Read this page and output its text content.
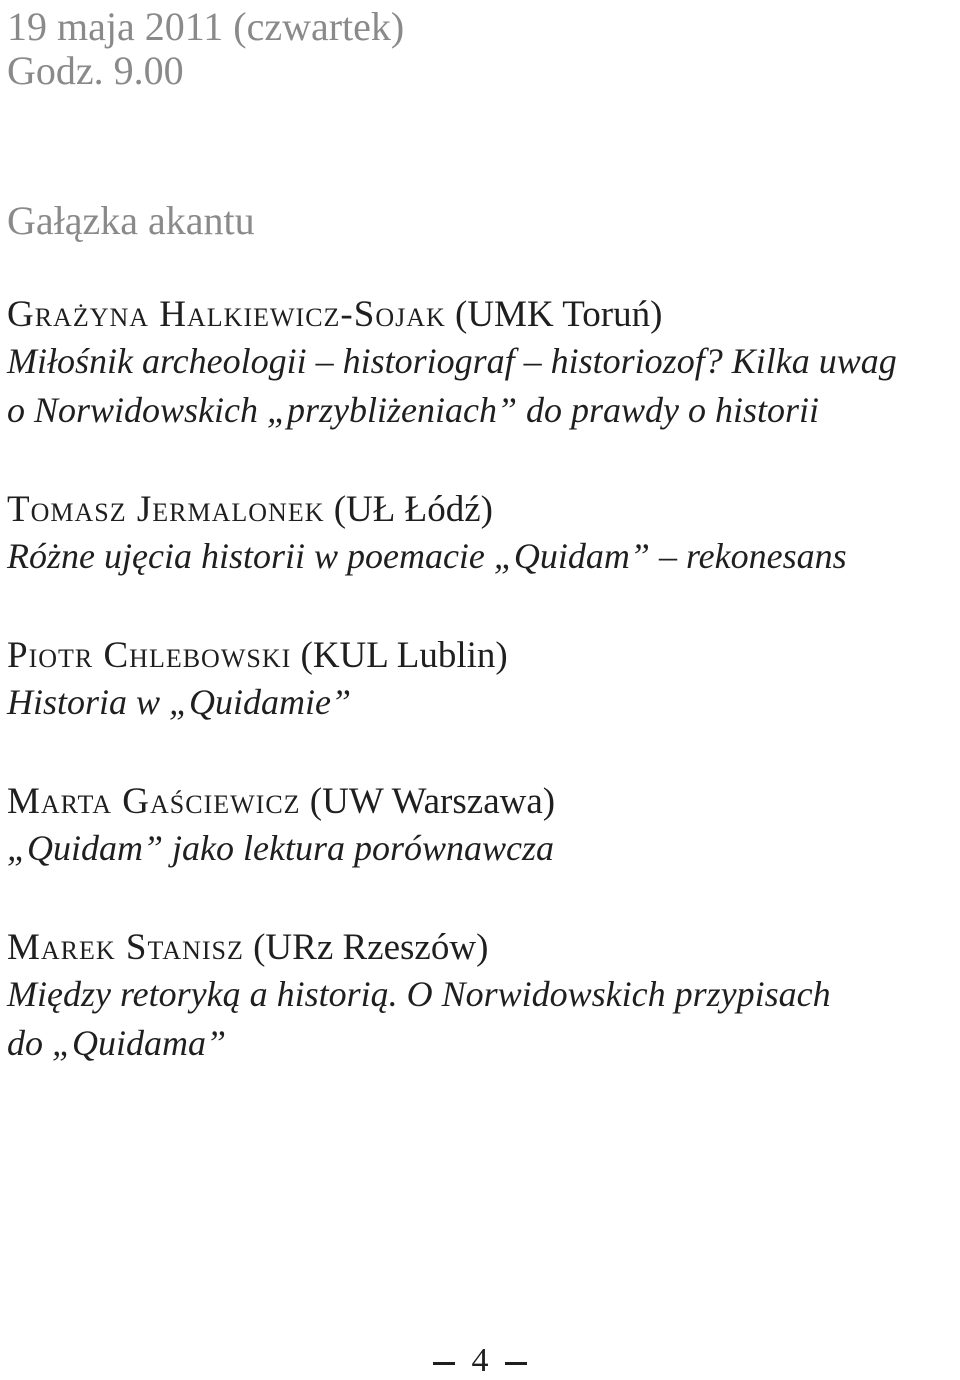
19 maja 2011 (czwartek)
Godz. 9.00
Gałązka akantu
Grażyna Halkiewicz-Sojak (UMK Toruń)
Miłośnik archeologii – historiograf – historiozof? Kilka uwag
o Norwidowskich „przybliżeniach” do prawdy o historii
Tomasz Jermalonek (UŁ Łódź)
Różne ujęcia historii w poemacie „Quidam” – rekonesans
Piotr Chlebowski (KUL Lublin)
Historia w „Quidamie”
Marta Gaściewicz (UW Warszawa)
„Quidam” jako lektura porównawcza
Marek Stanisz (URz Rzeszów)
Między retoryką a historią. O Norwidowskich przypisach
do „Quidama”
4
